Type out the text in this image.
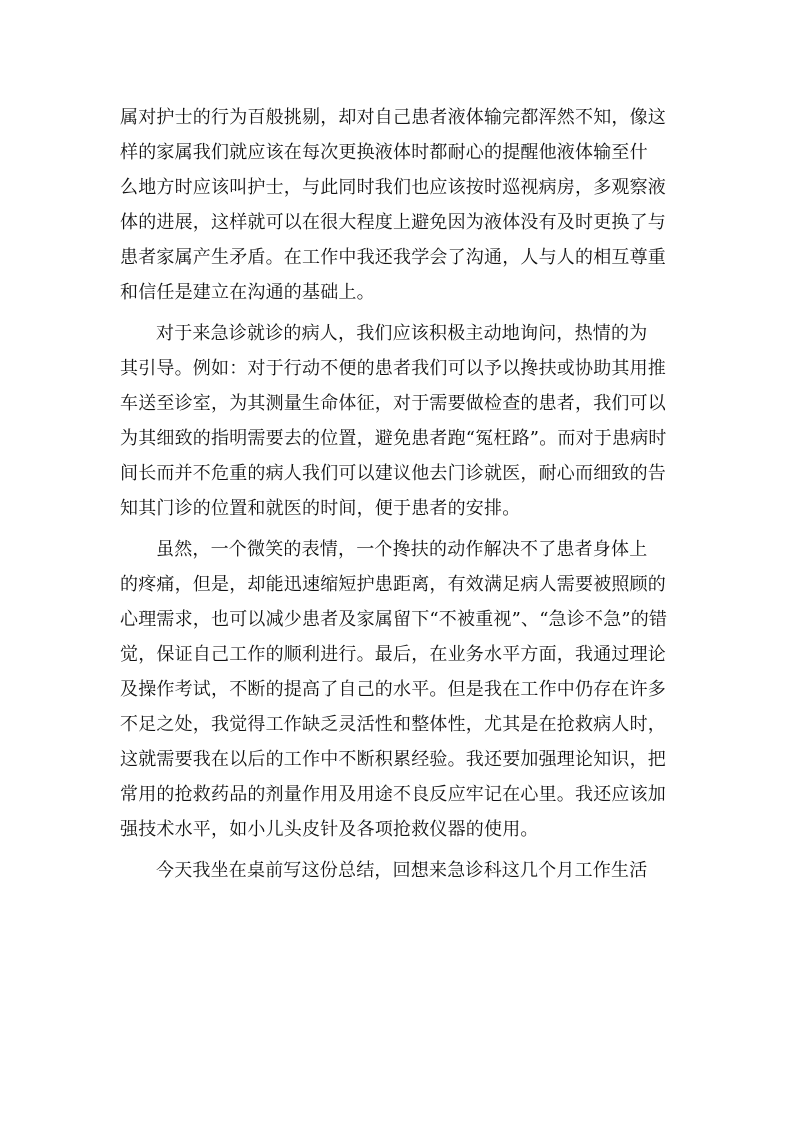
属对护士的行为百般挑剔，却对自己患者液体输完都浑然不知，像这
样的家属我们就应该在每次更换液体时都耐心的提醒他液体输至什
么地方时应该叫护士，与此同时我们也应该按时巡视病房，多观察液
体的进展，这样就可以在很大程度上避免因为液体没有及时更换了与
患者家属产生矛盾。在工作中我还我学会了沟通，人与人的相互尊重
和信任是建立在沟通的基础上。

对于来急诊就诊的病人，我们应该积极主动地询问，热情的为
其引导。例如：对于行动不便的患者我们可以予以搀扶或协助其用推
车送至诊室，为其测量生命体征，对于需要做检查的患者，我们可以
为其细致的指明需要去的位置，避免患者跑“冤枉路”。而对于患病时
间长而并不危重的病人我们可以建议他去门诊就医，耐心而细致的告
知其门诊的位置和就医的时间，便于患者的安排。

虽然，一个微笑的表情，一个搀扶的动作解决不了患者身体上
的疼痛，但是，却能迅速缩短护患距离，有效满足病人需要被照顾的
心理需求，也可以减少患者及家属留下“不被重视”、“急诊不急”的错
觉，保证自己工作的顺利进行。最后，在业务水平方面，我通过理论
及操作考试，不断的提高了自己的水平。但是我在工作中仍存在许多
不足之处，我觉得工作缺乏灵活性和整体性，尤其是在抢救病人时，
这就需要我在以后的工作中不断积累经验。我还要加强理论知识，把
常用的抢救药品的剂量作用及用途不良反应牢记在心里。我还应该加
强技术水平，如小儿头皮针及各项抢救仪器的使用。

今天我坐在桌前写这份总结，回想来急诊科这几个月工作生活
